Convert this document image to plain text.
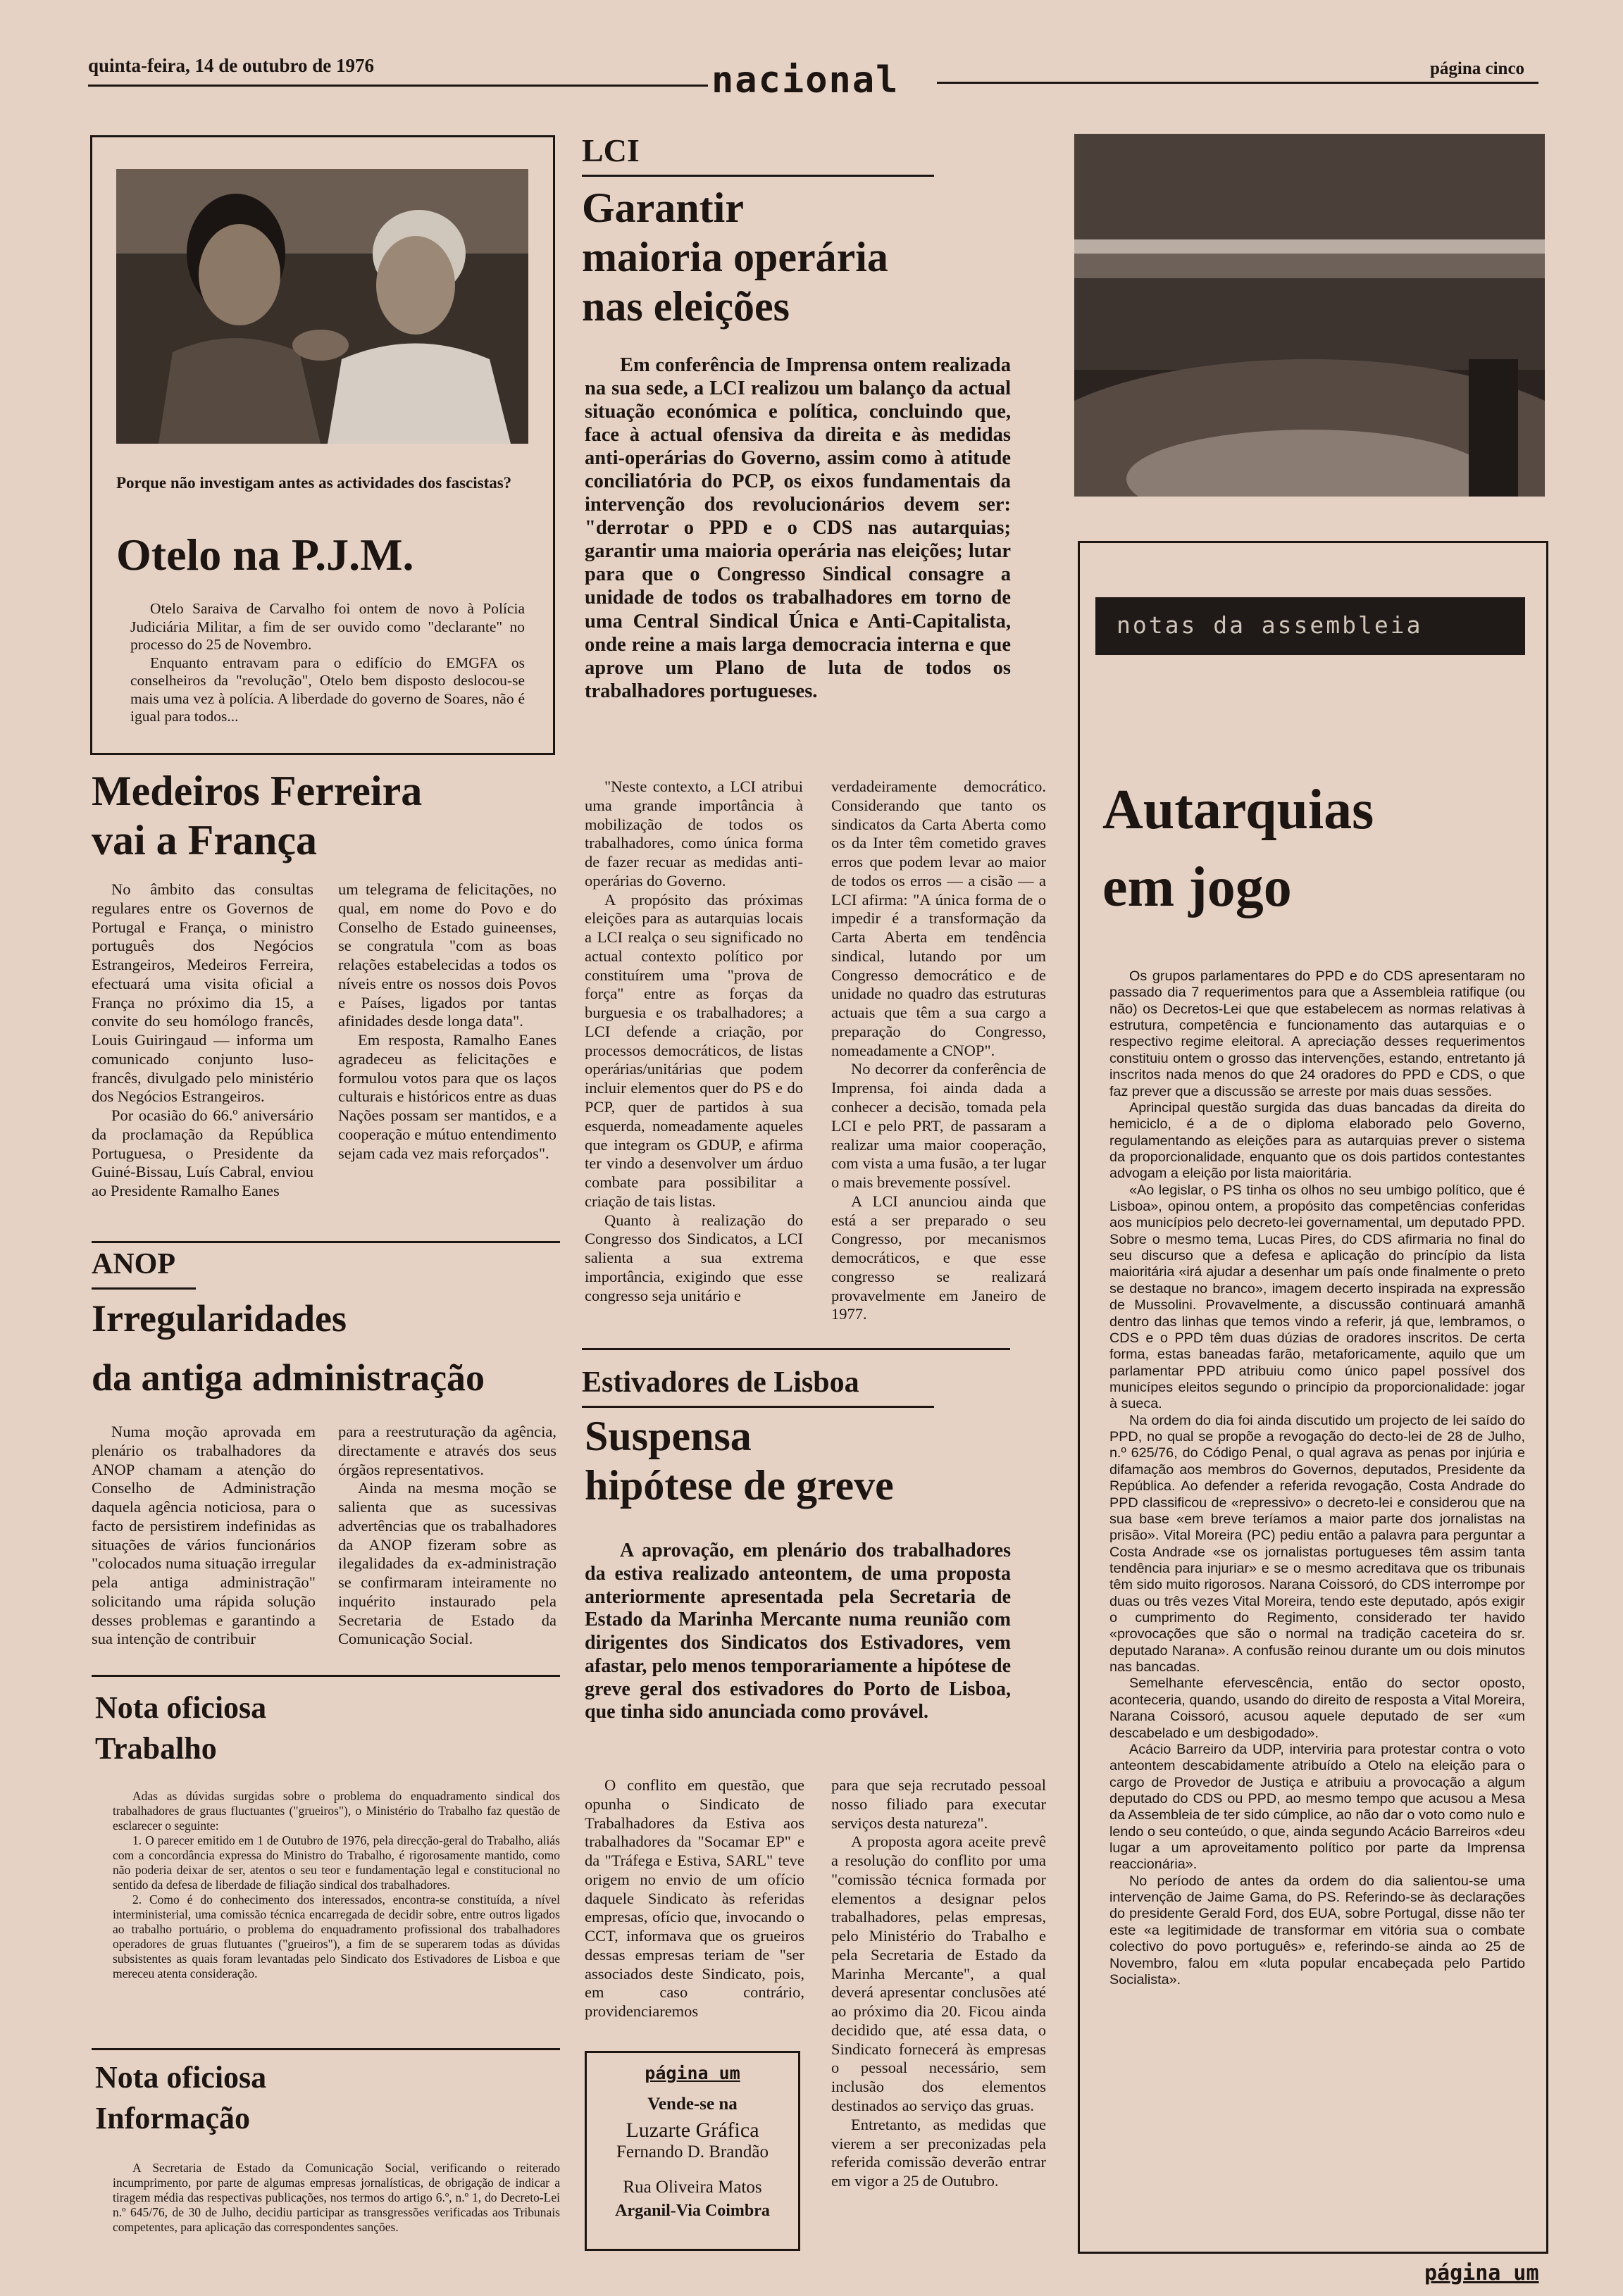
quinta-feira, 14 de outubro de 1976	nacional	página cinco
Porque não investigam antes as actividades dos fascistas?
Otelo na P.J.M.

Otelo Saraiva de Carvalho foi ontem de novo à Polícia Judiciária Militar, a fim de ser ouvido como "declarante" no processo do 25 de Novembro.

Enquanto entravam para o edifício do EMGFA os conselheiros da "revolução", Otelo bem disposto deslocou-se mais uma vez à polícia. A liberdade do governo de Soares, não é igual para todos...

Medeiros Ferreira
vai a França

No âmbito das consultas regulares entre os Governos de Portugal e França, o ministro português dos Negócios Estrangeiros, Medeiros Ferreira, efectuará uma visita oficial a França no próximo dia 15, a convite do seu homólogo francês, Louis Guiringaud — informa um comunicado conjunto luso-francês, divulgado pelo ministério dos Negócios Estrangeiros.

Por ocasião do 66.º aniversário da proclamação da República Portuguesa, o Presidente da Guiné-Bissau, Luís Cabral, enviou ao Presidente Ramalho Eanes

um telegrama de felicitações, no qual, em nome do Povo e do Conselho de Estado guineenses, se congratula "com as boas relações estabelecidas a todos os níveis entre os nossos dois Povos e Países, ligados por tantas afinidades desde longa data".

Em resposta, Ramalho Eanes agradeceu as felicitações e formulou votos para que os laços culturais e históricos entre as duas Nações possam ser mantidos, e a cooperação e mútuo entendimento sejam cada vez mais reforçados".

ANOP
Irregularidades
da antiga administração

Numa moção aprovada em plenário os trabalhadores da ANOP chamam a atenção do Conselho de Administração daquela agência noticiosa, para o facto de persistirem indefinidas as situações de vários funcionários "colocados numa situação irregular pela antiga administração" solicitando uma rápida solução desses problemas e garantindo a sua intenção de contribuir

para a reestruturação da agência, directamente e através dos seus órgãos representativos.

Ainda na mesma moção se salienta que as sucessivas advertências que os trabalhadores da ANOP fizeram sobre as ilegalidades da ex-administração se confirmaram inteiramente no inquérito instaurado pela Secretaria de Estado da Comunicação Social.

Nota oficiosa
Trabalho

Adas as dúvidas surgidas sobre o problema do enquadramento sindical dos trabalhadores de graus fluctuantes ("grueiros"), o Ministério do Trabalho faz questão de esclarecer o seguinte:

1. O parecer emitido em 1 de Outubro de 1976, pela direcção-geral do Trabalho, aliás com a concordância expressa do Ministro do Trabalho, é rigorosamente mantido, como não poderia deixar de ser, atentos o seu teor e fundamentação legal e constitucional no sentido da defesa de liberdade de filiação sindical dos trabalhadores.

2. Como é do conhecimento dos interessados, encontra-se constituída, a nível interministerial, uma comissão técnica encarregada de decidir sobre, entre outros ligados ao trabalho portuário, o problema do enquadramento profissional dos trabalhadores operadores de gruas flutuantes ("grueiros"), a fim de se superarem todas as dúvidas subsistentes as quais foram levantadas pelo Sindicato dos Estivadores de Lisboa e que mereceu atenta consideração.

Nota oficiosa
Informação

A Secretaria de Estado da Comunicação Social, verificando o reiterado incumprimento, por parte de algumas empresas jornalísticas, de obrigação de indicar a tiragem média das respectivas publicações, nos termos do artigo 6.º, n.º 1, do Decreto-Lei n.º 645/76, de 30 de Julho, decidiu participar as transgressões verificadas aos Tribunais competentes, para aplicação das correspondentes sanções.

LCI
Garantir
maioria operária
nas eleições

Em conferência de Imprensa ontem realizada na sua sede, a LCI realizou um balanço da actual situação económica e política, concluindo que, face à actual ofensiva da direita e às medidas anti-operárias do Governo, assim como à atitude conciliatória do PCP, os eixos fundamentais da intervenção dos revolucionários devem ser: "derrotar o PPD e o CDS nas autarquias; garantir uma maioria operária nas eleições; lutar para que o Congresso Sindical consagre a unidade de todos os trabalhadores em torno de uma Central Sindical Única e Anti-Capitalista, onde reine a mais larga democracia interna e que aprove um Plano de luta de todos os trabalhadores portugueses.

"Neste contexto, a LCI atribui uma grande importância à mobilização de todos os trabalhadores, como única forma de fazer recuar as medidas anti-operárias do Governo.

A propósito das próximas eleições para as autarquias locais a LCI realça o seu significado no actual contexto político por constituírem uma "prova de força" entre as forças da burguesia e os trabalhadores; a LCI defende a criação, por processos democráticos, de listas operárias/unitárias que podem incluir elementos quer do PS e do PCP, quer de partidos à sua esquerda, nomeadamente aqueles que integram os GDUP, e afirma ter vindo a desenvolver um árduo combate para possibilitar a criação de tais listas.

Quanto à realização do Congresso dos Sindicatos, a LCI salienta a sua extrema importância, exigindo que esse congresso seja unitário e

verdadeiramente democrático. Considerando que tanto os sindicatos da Carta Aberta como os da Inter têm cometido graves erros que podem levar ao maior de todos os erros — a cisão — a LCI afirma: "A única forma de o impedir é a transformação da Carta Aberta em tendência sindical, lutando por um Congresso democrático e de unidade no quadro das estruturas actuais que têm a sua cargo a preparação do Congresso, nomeadamente a CNOP".

No decorrer da conferência de Imprensa, foi ainda dada a conhecer a decisão, tomada pela LCI e pelo PRT, de passaram a realizar uma maior cooperação, com vista a uma fusão, a ter lugar o mais brevemente possível.

A LCI anunciou ainda que está a ser preparado o seu Congresso, por mecanismos democráticos, e que esse congresso se realizará provavelmente em Janeiro de 1977.

Estivadores de Lisboa
Suspensa
hipótese de greve

A aprovação, em plenário dos trabalhadores da estiva realizado anteontem, de uma proposta anteriormente apresentada pela Secretaria de Estado da Marinha Mercante numa reunião com dirigentes dos Sindicatos dos Estivadores, vem afastar, pelo menos temporariamente a hipótese de greve geral dos estivadores do Porto de Lisboa, que tinha sido anunciada como provável.

O conflito em questão, que opunha o Sindicato de Trabalhadores da Estiva aos trabalhadores da "Socamar EP" e da "Tráfega e Estiva, SARL" teve origem no envio de um ofício daquele Sindicato às referidas empresas, ofício que, invocando o CCT, informava que os grueiros dessas empresas teriam de "ser associados deste Sindicato, pois, em caso contrário, providenciaremos

para que seja recrutado pessoal nosso filiado para executar serviços desta natureza".

A proposta agora aceite prevê a resolução do conflito por uma "comissão técnica formada por elementos a designar pelos trabalhadores, pelas empresas, pelo Ministério do Trabalho e pela Secretaria de Estado da Marinha Mercante", a qual deverá apresentar conclusões até ao próximo dia 20. Ficou ainda decidido que, até essa data, o Sindicato fornecerá às empresas o pessoal necessário, sem inclusão dos elementos destinados ao serviço das gruas.

Entretanto, as medidas que vierem a ser preconizadas pela referida comissão deverão entrar em vigor a 25 de Outubro.

página um
Vende-se na
Luzarte Gráfica
Fernando D. Brandão
Rua Oliveira Matos
Arganil-Via Coimbra
notas da assembleia
Autarquias
em jogo

Os grupos parlamentares do PPD e do CDS apresentaram no passado dia 7 requerimentos para que a Assembleia ratifique (ou não) os Decretos-Lei que que estabelecem as normas relativas à estrutura, competência e funcionamento das autarquias e o respectivo regime eleitoral. A apreciação desses requerimentos constituiu ontem o grosso das intervenções, estando, entretanto já inscritos nada menos do que 24 oradores do PPD e CDS, o que faz prever que a discussão se arreste por mais duas sessões.

Aprincipal questão surgida das duas bancadas da direita do hemiciclo, é a de o diploma elaborado pelo Governo, regulamentando as eleições para as autarquias prever o sistema da proporcionalidade, enquanto que os dois partidos contestantes advogam a eleição por lista maioritária.

«Ao legislar, o PS tinha os olhos no seu umbigo político, que é Lisboa», opinou ontem, a propósito das competências conferidas aos municípios pelo decreto-lei governamental, um deputado PPD. Sobre o mesmo tema, Lucas Pires, do CDS afirmaria no final do seu discurso que a defesa e aplicação do princípio da lista maioritária «irá ajudar a desenhar um país onde finalmente o preto se destaque no branco», imagem decerto inspirada na expressão de Mussolini. Provavelmente, a discussão continuará amanhã dentro das linhas que temos vindo a referir, já que, lembramos, o CDS e o PPD têm duas dúzias de oradores inscritos. De certa forma, estas baneadas farão, metaforicamente, aquilo que um parlamentar PPD atribuiu como único papel possível dos municípes eleitos segundo o princípio da proporcionalidade: jogar à sueca.

Na ordem do dia foi ainda discutido um projecto de lei saído do PPD, no qual se propõe a revogação do decto-lei de 28 de Julho, n.º 625/76, do Código Penal, o qual agrava as penas por injúria e difamação aos membros do Governos, deputados, Presidente da República. Ao defender a referida revogação, Costa Andrade do PPD classificou de «repressivo» o decreto-lei e considerou que na sua base «em breve teríamos a maior parte dos jornalistas na prisão». Vital Moreira (PC) pediu então a palavra para perguntar a Costa Andrade «se os jornalistas portugueses têm assim tanta tendência para injuriar» e se o mesmo acreditava que os tribunais têm sido muito rigorosos. Narana Coissoró, do CDS interrompe por duas ou três vezes Vital Moreira, tendo este deputado, após exigir o cumprimento do Regimento, considerado ter havido «provocações que são o normal na tradição caceteira do sr. deputado Narana». A confusão reinou durante um ou dois minutos nas bancadas.

Semelhante efervescência, então do sector oposto, aconteceria, quando, usando do direito de resposta a Vital Moreira, Narana Coissoró, acusou aquele deputado de ser «um descabelado e um desbigodado».

Acácio Barreiro da UDP, interviria para protestar contra o voto anteontem descabidamente atribuído a Otelo na eleição para o cargo de Provedor de Justiça e atribuiu a provocação a algum deputado do CDS ou PPD, ao mesmo tempo que acusou a Mesa da Assembleia de ter sido cúmplice, ao não dar o voto como nulo e lendo o seu conteúdo, o que, ainda segundo Acácio Barreiros «deu lugar a um aproveitamento político por parte da Imprensa reaccionária».

No período de antes da ordem do dia salientou-se uma intervenção de Jaime Gama, do PS. Referindo-se às declarações do presidente Gerald Ford, dos EUA, sobre Portugal, disse não ter este «a legitimidade de transformar em vitória sua o combate colectivo do povo português» e, referindo-se ainda ao 25 de Novembro, falou em «luta popular encabeçada pelo Partido Socialista».

página um
